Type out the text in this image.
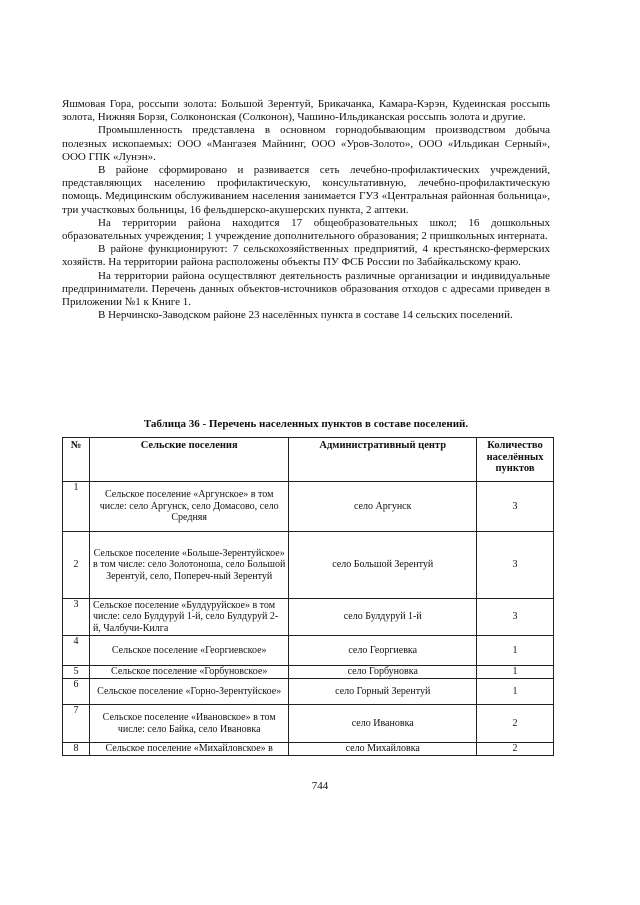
Яшмовая Гора, россыпи золота: Большой Зерентуй, Брикачанка, Камара-Кэрэн, Кудеинская россыпь золота, Нижняя Борзя, Солкононская (Солконон), Чашино-Ильдиканская россыпь золота и другие.

Промышленность представлена в основном горнодобывающим производством добыча полезных ископаемых: ООО «Мангазея Майнинг, ООО «Уров-Золото», ООО «Ильдикан Серный», ООО ГПК «Лунэн».

В районе сформировано и развивается сеть лечебно-профилактических учреждений, представляющих населению профилактическую, консультативную, лечебно-профилактическую помощь. Медицинским обслуживанием населения занимается ГУЗ «Центральная районная больница», три участковых больницы, 16 фельдшерско-акушерских пункта, 2 аптеки.

На территории района находится 17 общеобразовательных школ; 16 дошкольных образовательных учреждения; 1 учреждение дополнительного образования; 2 пришкольных интерната.

В районе функционируют: 7 сельскохозяйственных предприятий, 4 крестьянско-фермерских хозяйств. На территории района расположены объекты ПУ ФСБ России по Забайкальскому краю.

На территории района осуществляют деятельность различные организации и индивидуальные предприниматели. Перечень данных объектов-источников образования отходов с адресами приведен в Приложении №1 к Книге 1.

В Нерчинско-Заводском районе 23 населённых пункта в составе 14 сельских поселений.

Таблица 36 - Перечень населенных пунктов в составе поселений.
№	Сельские поселения	Административный центр	Количество населённых пунктов
1	Сельское поселение «Аргунское» в том числе: село Аргунск, село Домасово, село Средняя	село Аргунск	3
2	Сельское поселение «Больше-Зерентуйское» в том числе: село Золотоноша, село Большой Зерентуй, село, Попереч-ный Зерентуй	село Большой Зерентуй	3
3	Сельское поселение «Булдуруйское» в том числе: село Булдуруй 1-й, село Булдуруй 2-й, Чалбучи-Килга	село Булдуруй 1-й	3
4	Сельское поселение «Георгиевское»	село Георгиевка	1
5	Сельское поселение «Горбуновское»	село Горбуновка	1
6	Сельское поселение «Горно-Зерентуйское»	село Горный Зерентуй	1
7	Сельское поселение «Ивановское» в том числе: село Байка, село Ивановка	село Ивановка	2
8	Сельское поселение «Михайловское» в	село Михайловка	2
744
